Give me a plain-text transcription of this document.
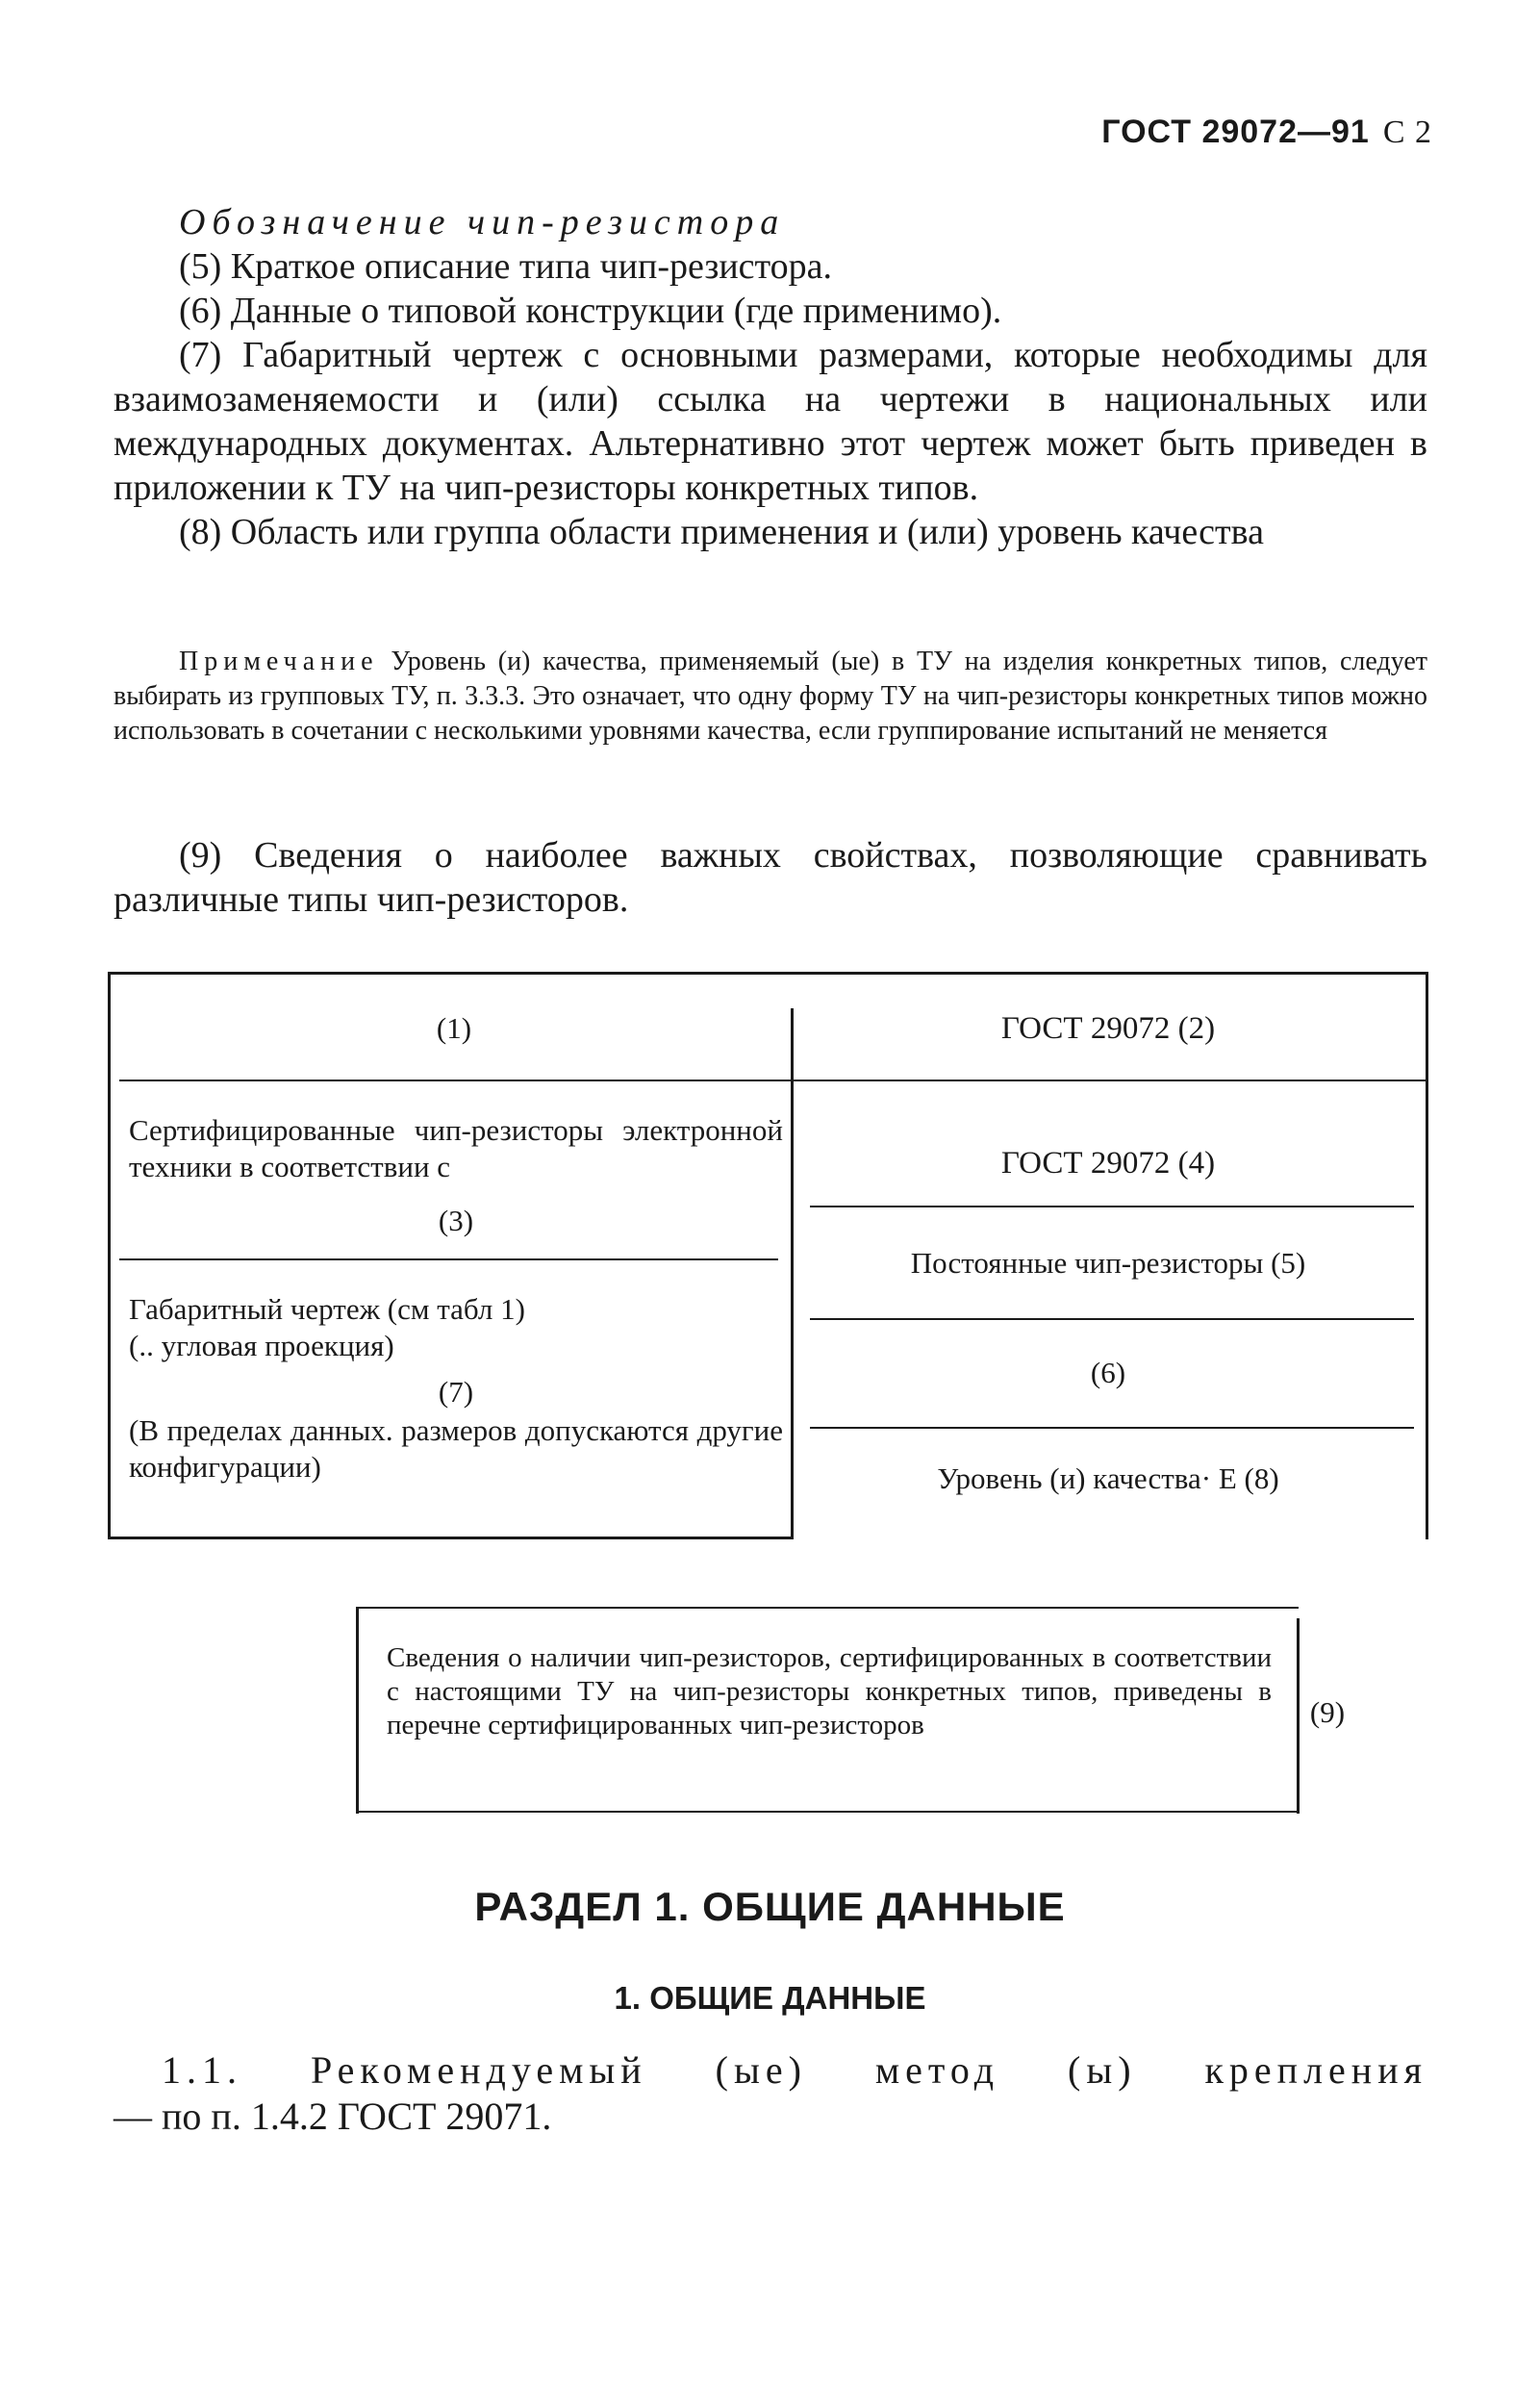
ГОСТ 29072—91 С 2

Обозначение чип-резистора

(5) Краткое описание типа чип-резистора.

(6) Данные о типовой конструкции (где применимо).

(7) Габаритный чертеж с основными размерами, которые необходимы для взаимозаменяемости и (или) ссылка на чертежи в национальных или международных документах. Альтернативно этот чертеж может быть приведен в приложении к ТУ на чип-резисторы конкретных типов.

(8) Область или группа области применения и (или) уровень качества

Примечание Уровень (и) качества, применяемый (ые) в ТУ на изделия конкретных типов, следует выбирать из групповых ТУ, п. 3.3.3. Это означает, что одну форму ТУ на чип-резисторы конкретных типов можно использовать в сочетании с несколькими уровнями качества, если группирование испытаний не меняется

(9) Сведения о наиболее важных свойствах, позволяющие сравнивать различные типы чип-резисторов.

(1)	ГОСТ 29072 (2)

Сертифицированные чип-резисторы электронной техники в соответствии с

(3)

Габаритный чертеж (см табл 1)

(.. угловая проекция)

(7)

(В пределах данных. размеров допускаются другие конфигурации)

ГОСТ 29072 (4)

Постоянные чип-резисторы (5)

(6)

Уровень (и) качества· Е (8)

Сведения о наличии чип-резисторов, сертифицированных в соответствии с настоящими ТУ на чип-резисторы конкретных типов, приведены в перечне сертифицированных чип-резисторов	(9)

РАЗДЕЛ 1. ОБЩИЕ ДАННЫЕ

1. ОБЩИЕ ДАННЫЕ

1.1. Рекомендуемый (ые) метод (ы) крепления
— по п. 1.4.2 ГОСТ 29071.
